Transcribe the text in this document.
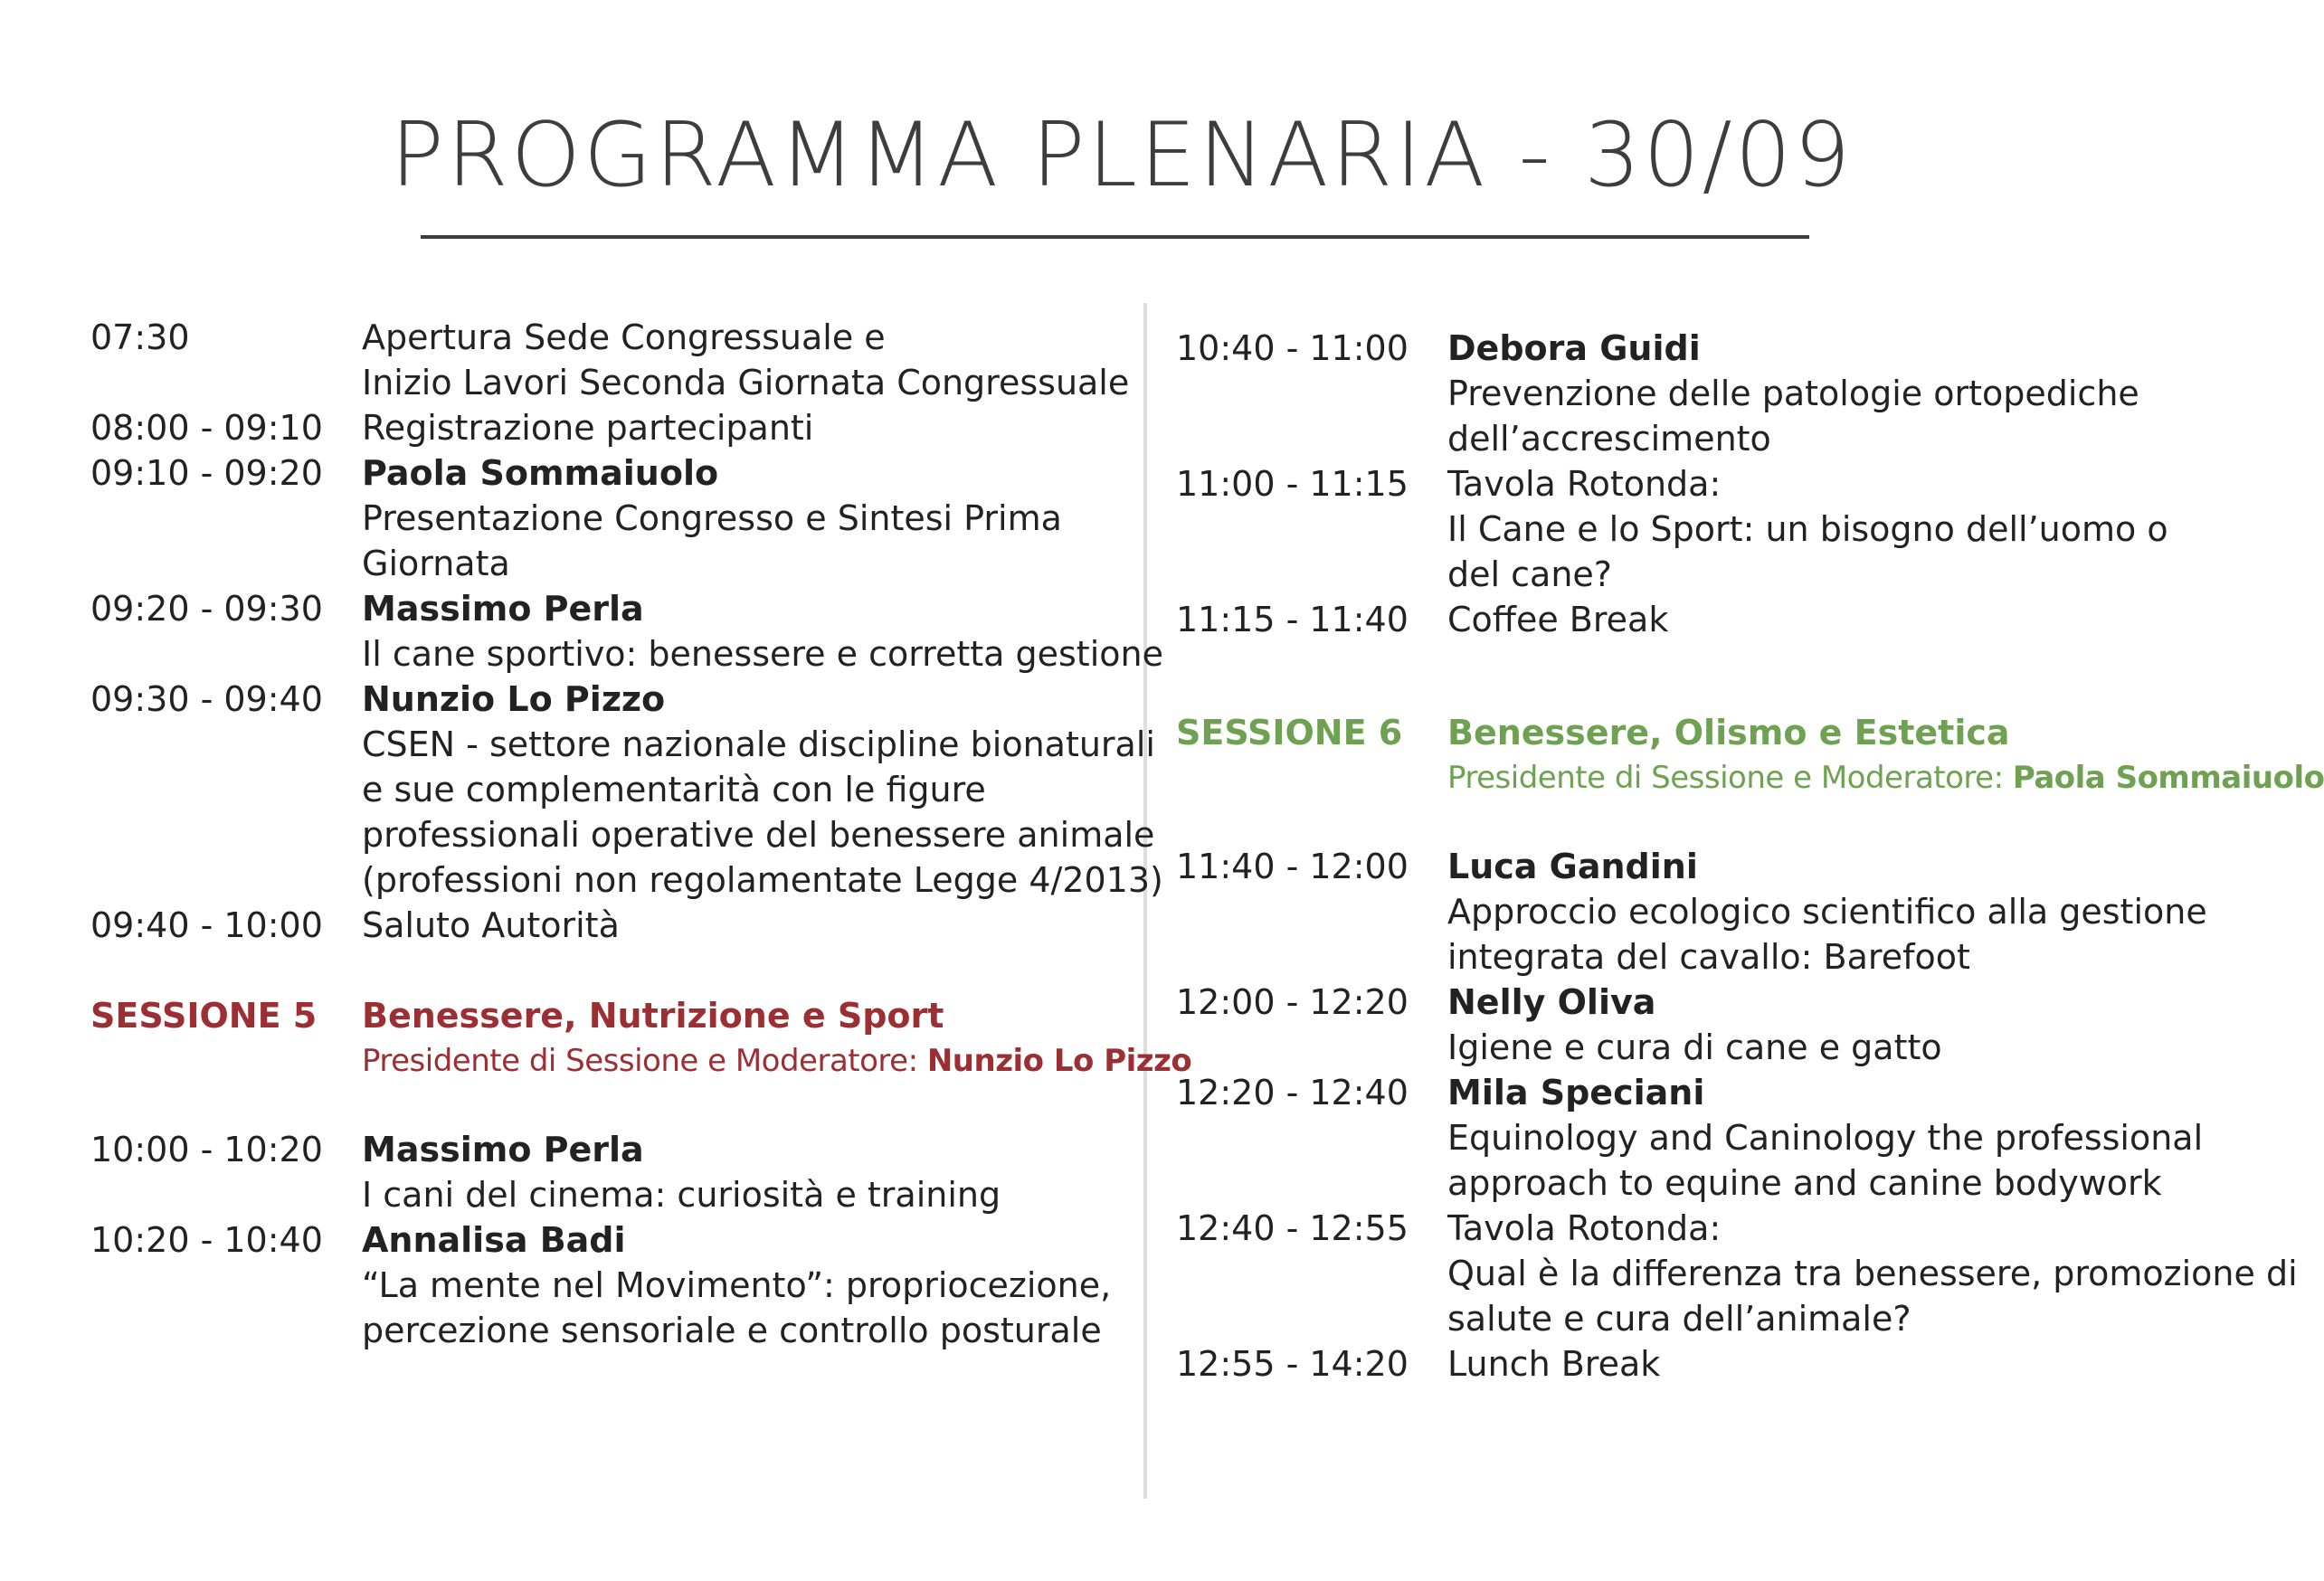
PROGRAMMA PLENARIA - 30/09
07:30	Apertura Sede Congressuale e
Inizio Lavori Seconda Giornata Congressuale
08:00 - 09:10	Registrazione partecipanti
09:10 - 09:20	Paola Sommaiuolo
Presentazione Congresso e Sintesi Prima
Giornata
09:20 - 09:30	Massimo Perla
Il cane sportivo: benessere e corretta gestione
09:30 - 09:40	Nunzio Lo Pizzo
CSEN - settore nazionale discipline bionaturali
e sue complementarità con le figure
professionali operative del benessere animale
(professioni non regolamentate Legge 4/2013)
09:40 - 10:00	Saluto Autorità
SESSIONE 5	Benessere, Nutrizione e Sport
Presidente di Sessione e Moderatore: Nunzio Lo Pizzo
10:00 - 10:20	Massimo Perla
I cani del cinema: curiosità e training
10:20 - 10:40	Annalisa Badi
“La mente nel Movimento”: propriocezione,
percezione sensoriale e controllo posturale
10:40 - 11:00	Debora Guidi
Prevenzione delle patologie ortopediche
dell’accrescimento
11:00 - 11:15	Tavola Rotonda:
Il Cane e lo Sport: un bisogno dell’uomo o
del cane?
11:15 - 11:40	Coffee Break
SESSIONE 6	Benessere, Olismo e Estetica
Presidente di Sessione e Moderatore: Paola Sommaiuolo
11:40 - 12:00	Luca Gandini
Approccio ecologico scientifico alla gestione
integrata del cavallo: Barefoot
12:00 - 12:20	Nelly Oliva
Igiene e cura di cane e gatto
12:20 - 12:40	Mila Speciani
Equinology and Caninology the professional
approach to equine and canine bodywork
12:40 - 12:55	Tavola Rotonda:
Qual è la differenza tra benessere, promozione di
salute e cura dell’animale?
12:55 - 14:20	Lunch Break
